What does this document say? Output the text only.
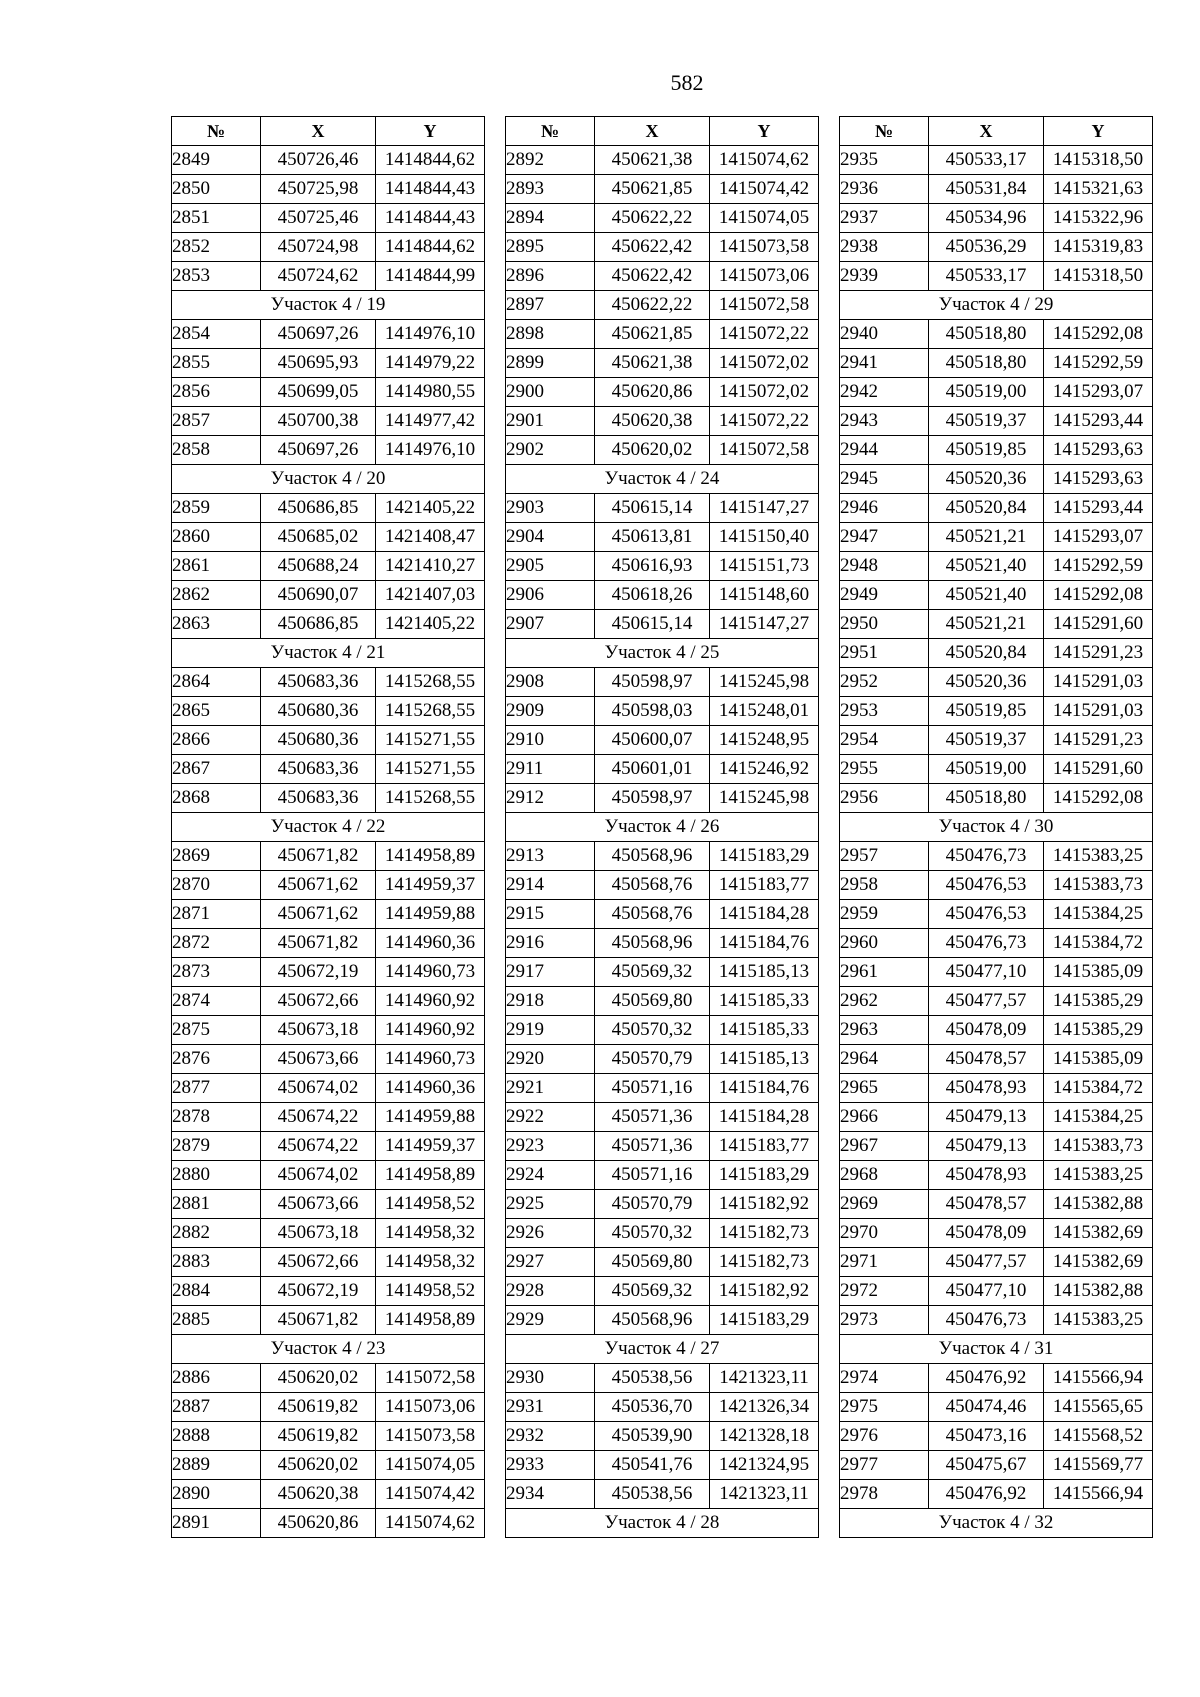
582
№	X	Y
2849	450726,46	1414844,62
2850	450725,98	1414844,43
2851	450725,46	1414844,43
2852	450724,98	1414844,62
2853	450724,62	1414844,99
Участок 4 / 19		
2854	450697,26	1414976,10
2855	450695,93	1414979,22
2856	450699,05	1414980,55
2857	450700,38	1414977,42
2858	450697,26	1414976,10
Участок 4 / 20		
2859	450686,85	1421405,22
2860	450685,02	1421408,47
2861	450688,24	1421410,27
2862	450690,07	1421407,03
2863	450686,85	1421405,22
Участок 4 / 21		
2864	450683,36	1415268,55
2865	450680,36	1415268,55
2866	450680,36	1415271,55
2867	450683,36	1415271,55
2868	450683,36	1415268,55
Участок 4 / 22		
2869	450671,82	1414958,89
2870	450671,62	1414959,37
2871	450671,62	1414959,88
2872	450671,82	1414960,36
2873	450672,19	1414960,73
2874	450672,66	1414960,92
2875	450673,18	1414960,92
2876	450673,66	1414960,73
2877	450674,02	1414960,36
2878	450674,22	1414959,88
2879	450674,22	1414959,37
2880	450674,02	1414958,89
2881	450673,66	1414958,52
2882	450673,18	1414958,32
2883	450672,66	1414958,32
2884	450672,19	1414958,52
2885	450671,82	1414958,89
Участок 4 / 23		
2886	450620,02	1415072,58
2887	450619,82	1415073,06
2888	450619,82	1415073,58
2889	450620,02	1415074,05
2890	450620,38	1415074,42
2891	450620,86	1415074,62
№	X	Y
2892	450621,38	1415074,62
2893	450621,85	1415074,42
2894	450622,22	1415074,05
2895	450622,42	1415073,58
2896	450622,42	1415073,06
2897	450622,22	1415072,58
2898	450621,85	1415072,22
2899	450621,38	1415072,02
2900	450620,86	1415072,02
2901	450620,38	1415072,22
2902	450620,02	1415072,58
Участок 4 / 24		
2903	450615,14	1415147,27
2904	450613,81	1415150,40
2905	450616,93	1415151,73
2906	450618,26	1415148,60
2907	450615,14	1415147,27
Участок 4 / 25		
2908	450598,97	1415245,98
2909	450598,03	1415248,01
2910	450600,07	1415248,95
2911	450601,01	1415246,92
2912	450598,97	1415245,98
Участок 4 / 26		
2913	450568,96	1415183,29
2914	450568,76	1415183,77
2915	450568,76	1415184,28
2916	450568,96	1415184,76
2917	450569,32	1415185,13
2918	450569,80	1415185,33
2919	450570,32	1415185,33
2920	450570,79	1415185,13
2921	450571,16	1415184,76
2922	450571,36	1415184,28
2923	450571,36	1415183,77
2924	450571,16	1415183,29
2925	450570,79	1415182,92
2926	450570,32	1415182,73
2927	450569,80	1415182,73
2928	450569,32	1415182,92
2929	450568,96	1415183,29
Участок 4 / 27		
2930	450538,56	1421323,11
2931	450536,70	1421326,34
2932	450539,90	1421328,18
2933	450541,76	1421324,95
2934	450538,56	1421323,11
Участок 4 / 28		
№	X	Y
2935	450533,17	1415318,50
2936	450531,84	1415321,63
2937	450534,96	1415322,96
2938	450536,29	1415319,83
2939	450533,17	1415318,50
Участок 4 / 29		
2940	450518,80	1415292,08
2941	450518,80	1415292,59
2942	450519,00	1415293,07
2943	450519,37	1415293,44
2944	450519,85	1415293,63
2945	450520,36	1415293,63
2946	450520,84	1415293,44
2947	450521,21	1415293,07
2948	450521,40	1415292,59
2949	450521,40	1415292,08
2950	450521,21	1415291,60
2951	450520,84	1415291,23
2952	450520,36	1415291,03
2953	450519,85	1415291,03
2954	450519,37	1415291,23
2955	450519,00	1415291,60
2956	450518,80	1415292,08
Участок 4 / 30		
2957	450476,73	1415383,25
2958	450476,53	1415383,73
2959	450476,53	1415384,25
2960	450476,73	1415384,72
2961	450477,10	1415385,09
2962	450477,57	1415385,29
2963	450478,09	1415385,29
2964	450478,57	1415385,09
2965	450478,93	1415384,72
2966	450479,13	1415384,25
2967	450479,13	1415383,73
2968	450478,93	1415383,25
2969	450478,57	1415382,88
2970	450478,09	1415382,69
2971	450477,57	1415382,69
2972	450477,10	1415382,88
2973	450476,73	1415383,25
Участок 4 / 31		
2974	450476,92	1415566,94
2975	450474,46	1415565,65
2976	450473,16	1415568,52
2977	450475,67	1415569,77
2978	450476,92	1415566,94
Участок 4 / 32		
